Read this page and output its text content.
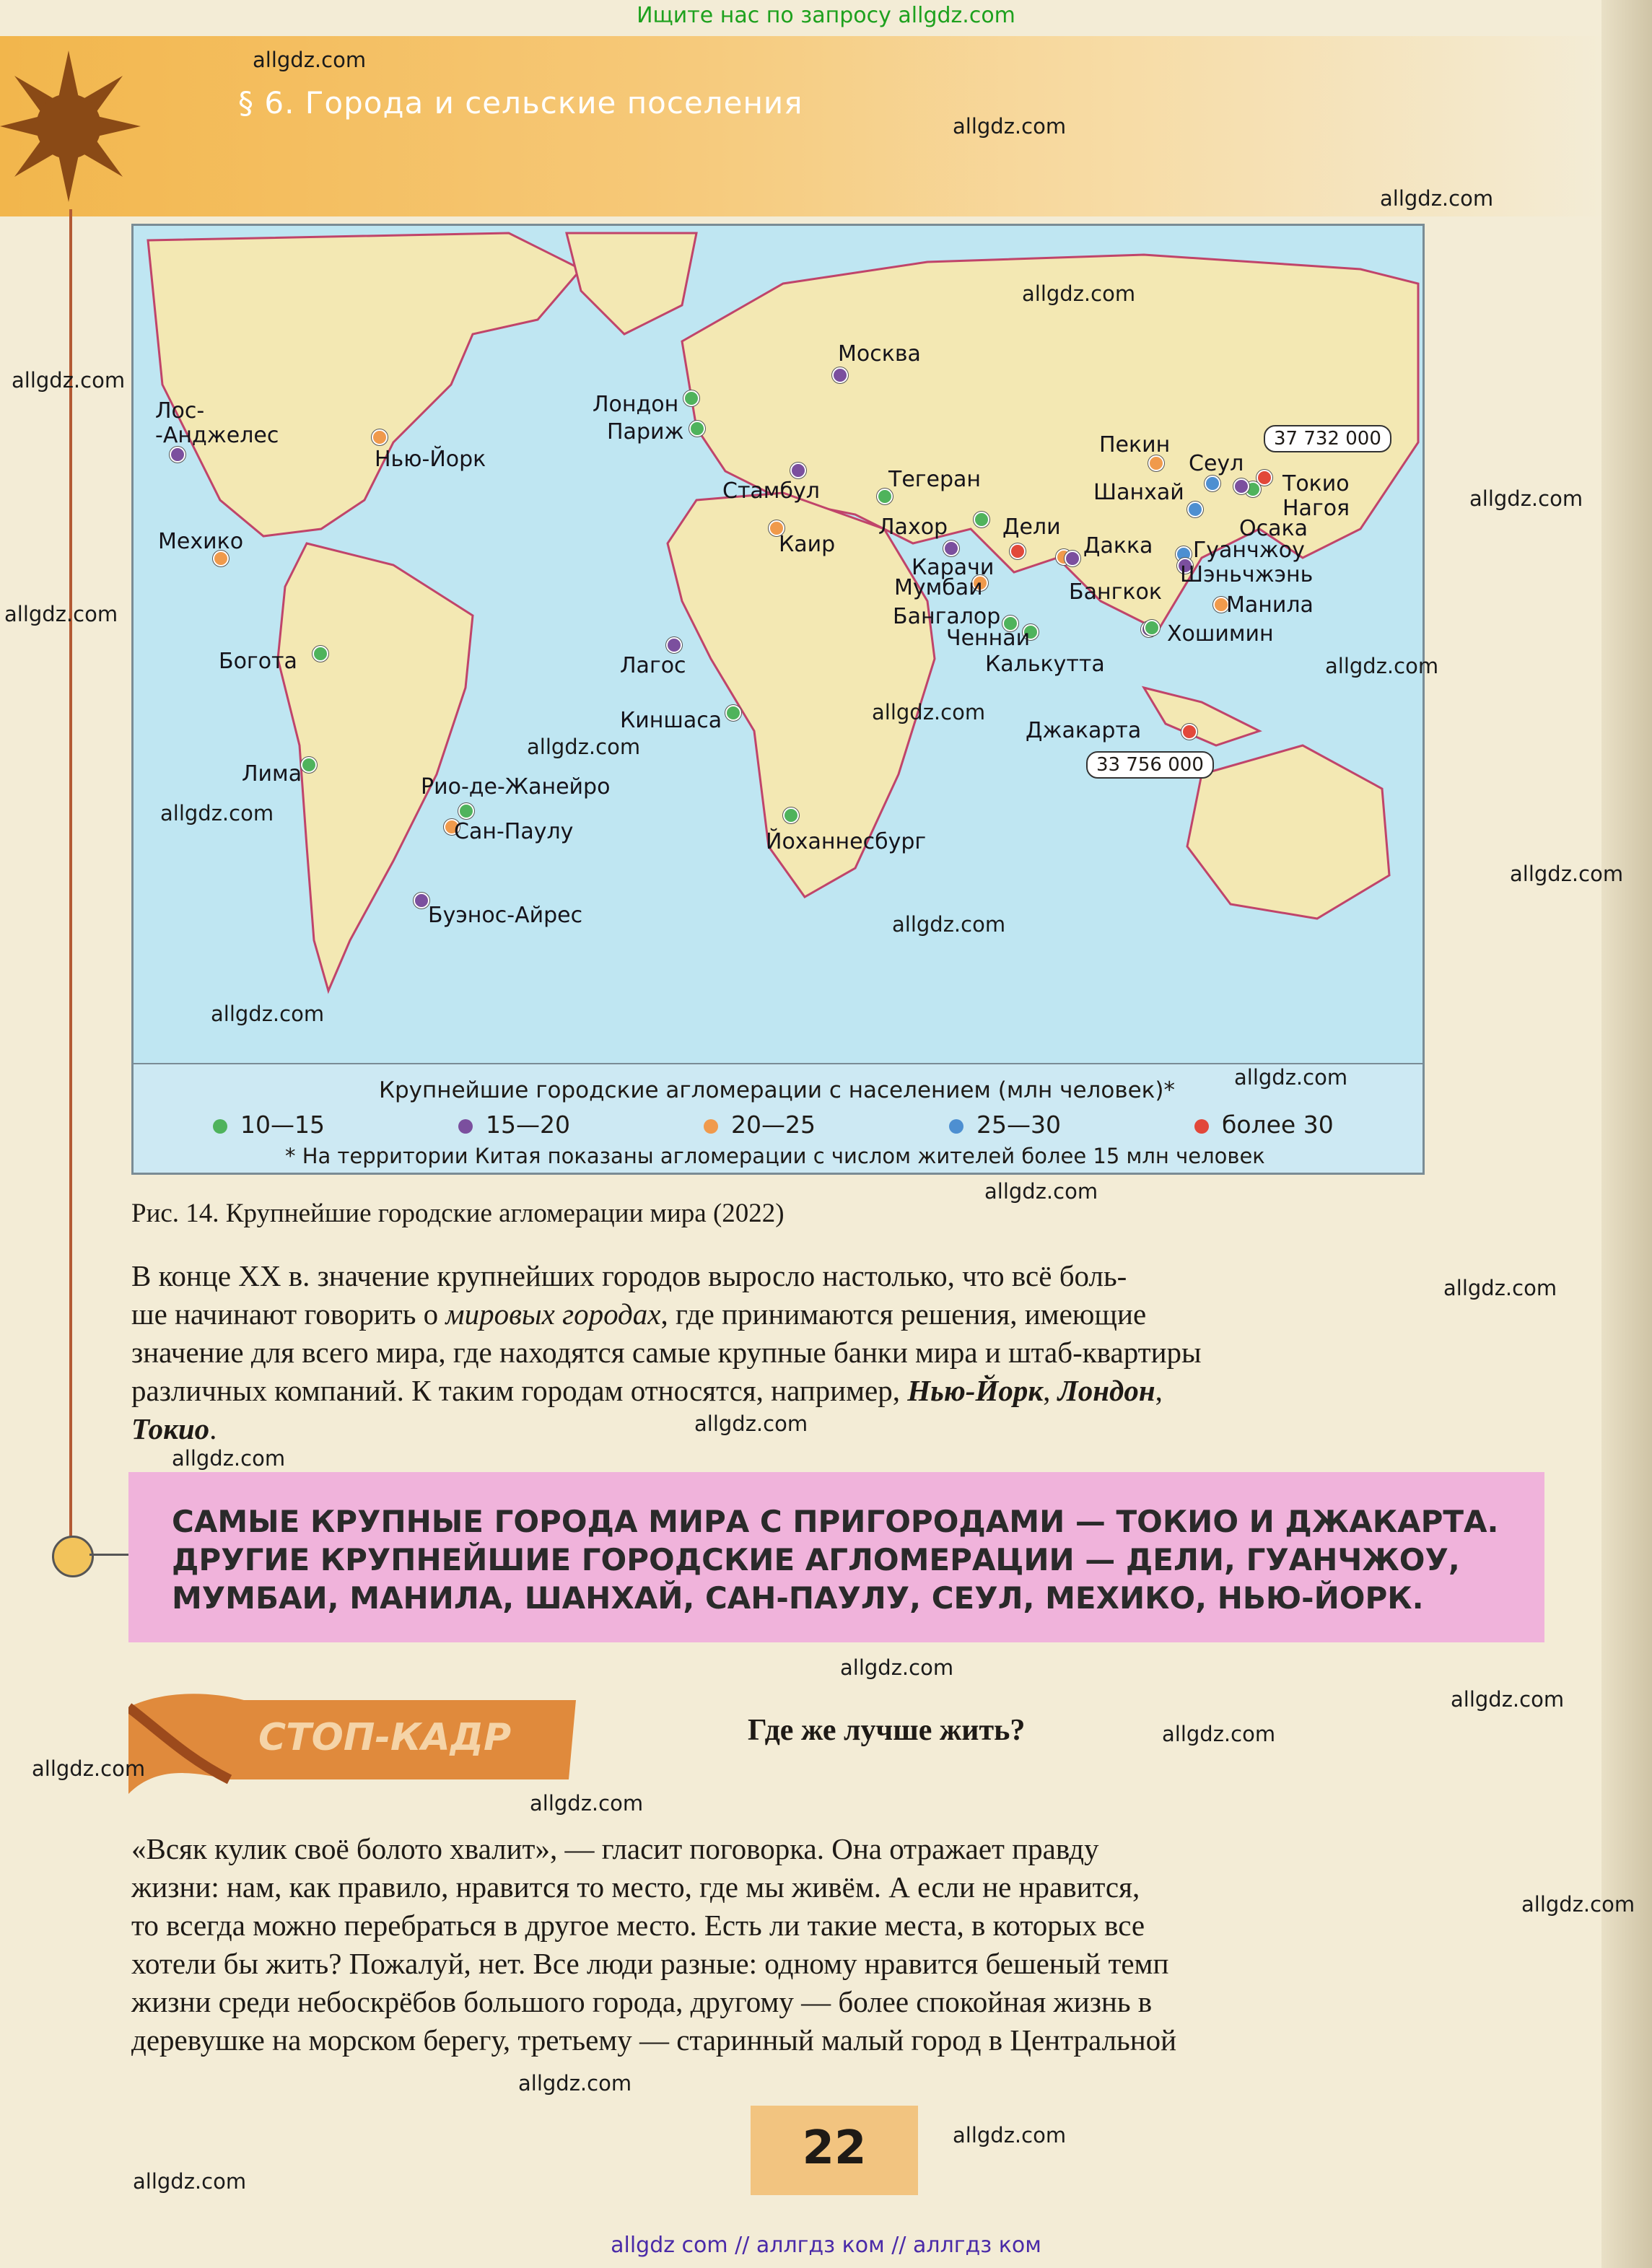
Ищите нас по запросу allgdz.com
§ 6. Города и сельские поселения
Лос-
-Анджелес
Нью-Йорк
Мехико
Богота
Лима
Рио-де-Жанейро
Сан-Паулу
Буэнос-Айрес
Лондон
Париж
Москва
Стамбул
Каир
Лагос
Киншаса
Йоханнесбург
Тегеран
Лахор
Карачи
Мумбаи
Бангалор
Ченнаи
Дели
Дакка
Калькутта
Бангкок
Пекин
Шанхай
Сеул
Токио
Нагоя
Осака
Гуанчжоу
Шэньчжэнь
Манила
Хошимин
Джакарта
37 732 000
33 756 000
Крупнейшие городские агломерации с населением (млн человек)*
10—15	15—20	20—25	25—30	более 30
* На территории Китая показаны агломерации с числом жителей более 15 млн человек
Рис. 14. Крупнейшие городские агломерации мира (2022)
В конце XX в. значение крупнейших городов выросло настолько, что всё боль-
ше начинают говорить о мировых городах, где принимаются решения, имеющие
значение для всего мира, где находятся самые крупные банки мира и штаб-квартиры
различных компаний. К таким городам относятся, например, Нью-Йорк, Лондон,
Токио.
САМЫЕ КРУПНЫЕ ГОРОДА МИРА С ПРИГОРОДАМИ — ТОКИО И ДЖАКАРТА.
ДРУГИЕ КРУПНЕЙШИЕ ГОРОДСКИЕ АГЛОМЕРАЦИИ — ДЕЛИ, ГУАНЧЖОУ,
МУМБАИ, МАНИЛА, ШАНХАЙ, САН-ПАУЛУ, СЕУЛ, МЕХИКО, НЬЮ-ЙОРК.
СТОП-КАДР	Где же лучше жить?
«Всяк кулик своё болото хвалит», — гласит поговорка. Она отражает правду
жизни: нам, как правило, нравится то место, где мы живём. А если не нравится,
то всегда можно перебраться в другое место. Есть ли такие места, в которых все
хотели бы жить? Пожалуй, нет. Все люди разные: одному нравится бешеный темп
жизни среди небоскрёбов большого города, другому — более спокойная жизнь в
деревушке на морском берегу, третьему — старинный малый город в Центральной
22
allgdz.com
allgdz.com
allgdz.com
allgdz.com
allgdz.com
allgdz.com
allgdz.com
allgdz.com
allgdz.com
allgdz.com
allgdz.com
allgdz.com
allgdz.com
allgdz.com
allgdz.com
allgdz.com
allgdz.com
allgdz.com
allgdz.com
allgdz.com
allgdz.com
allgdz.com
allgdz.com
allgdz.com
allgdz.com
allgdz.com
allgdz.com
allgdz.com
allgdz com // аллгдз ком // аллгдз ком
